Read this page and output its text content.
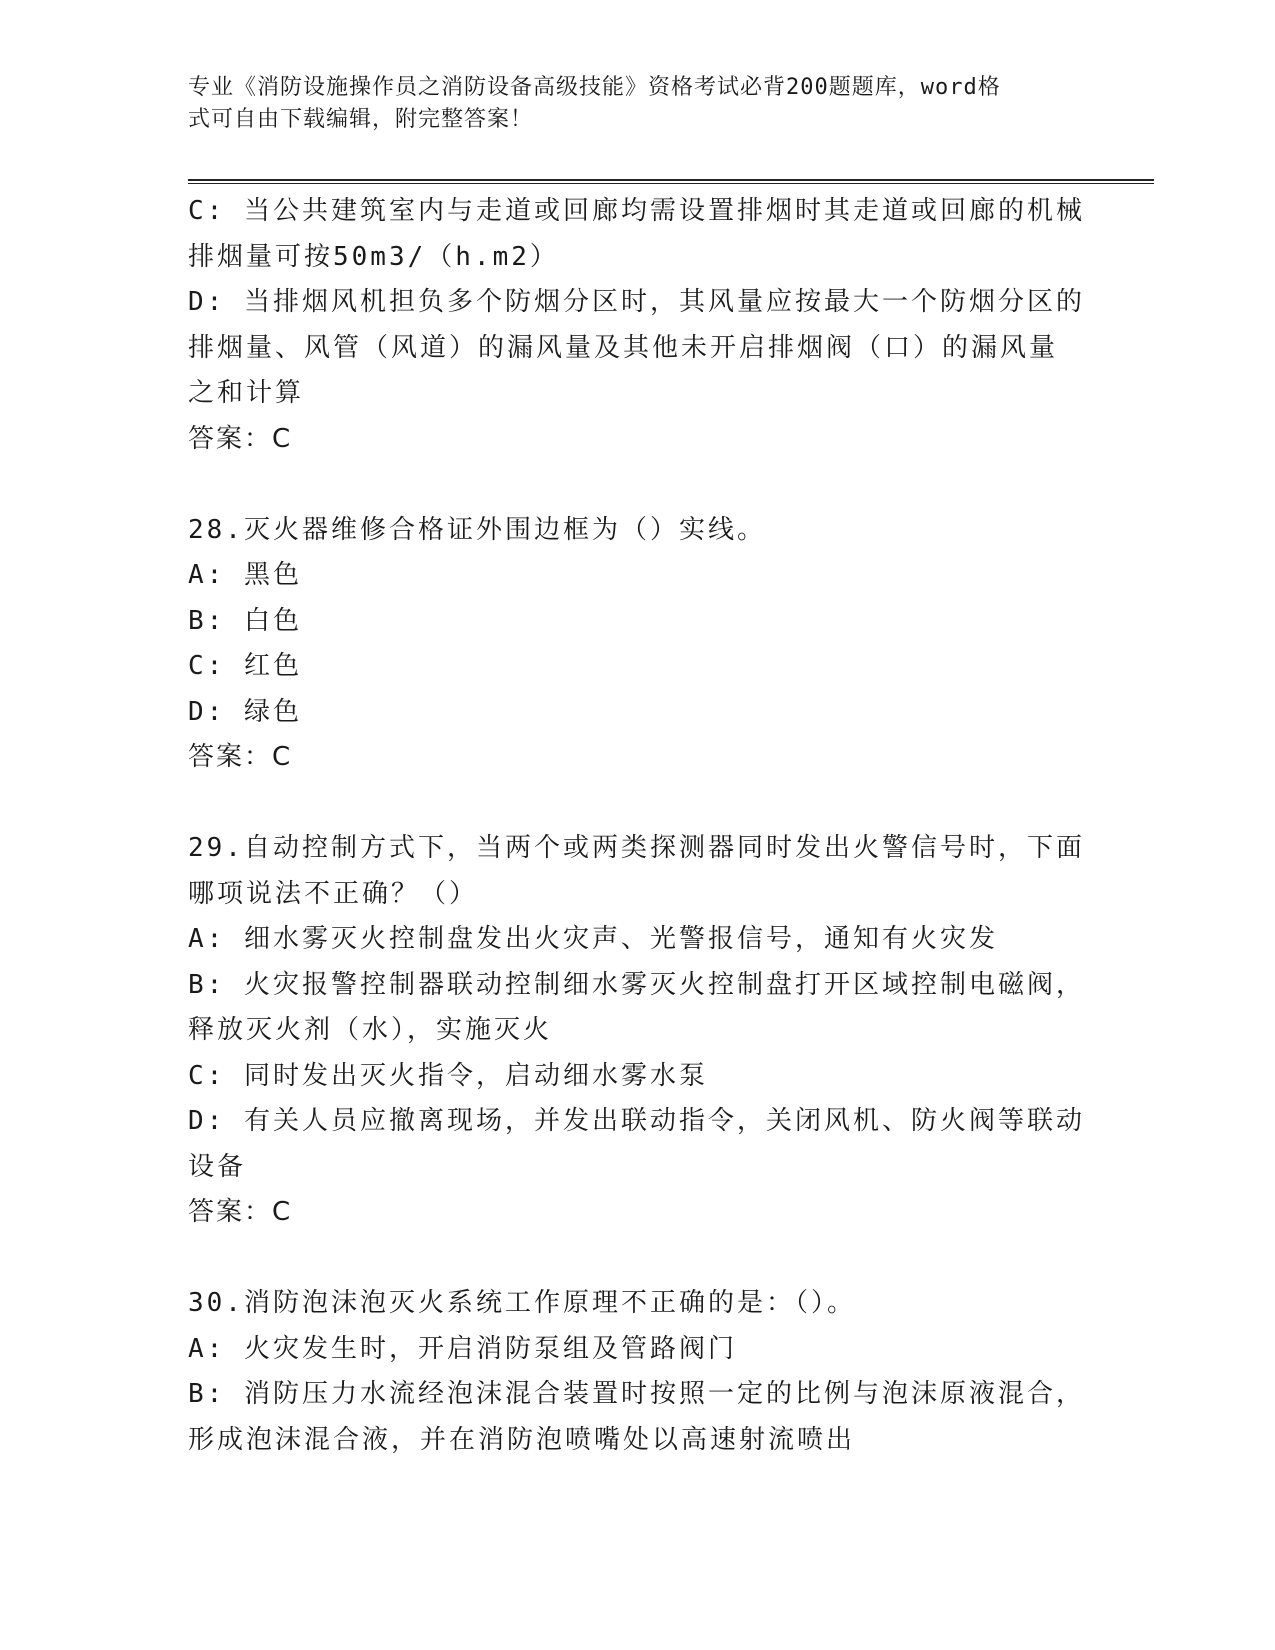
专业《消防设施操作员之消防设备高级技能》资格考试必背200题题库，word格
式可自由下载编辑，附完整答案！

C: 当公共建筑室内与走道或回廊均需设置排烟时其走道或回廊的机械

排烟量可按50m3/（h.m2）

D: 当排烟风机担负多个防烟分区时，其风量应按最大一个防烟分区的

排烟量、风管（风道）的漏风量及其他未开启排烟阀（口）的漏风量

之和计算

答案：C

28.灭火器维修合格证外围边框为（）实线。

A: 黑色

B: 白色

C: 红色

D: 绿色

答案：C

29.自动控制方式下，当两个或两类探测器同时发出火警信号时，下面

哪项说法不正确？（）

A: 细水雾灭火控制盘发出火灾声、光警报信号，通知有火灾发

B: 火灾报警控制器联动控制细水雾灭火控制盘打开区域控制电磁阀，

释放灭火剂（水），实施灭火

C: 同时发出灭火指令，启动细水雾水泵

D: 有关人员应撤离现场，并发出联动指令，关闭风机、防火阀等联动

设备

答案：C

30.消防泡沫泡灭火系统工作原理不正确的是：（）。

A: 火灾发生时，开启消防泵组及管路阀门

B: 消防压力水流经泡沫混合装置时按照一定的比例与泡沫原液混合，

形成泡沫混合液，并在消防泡喷嘴处以高速射流喷出
